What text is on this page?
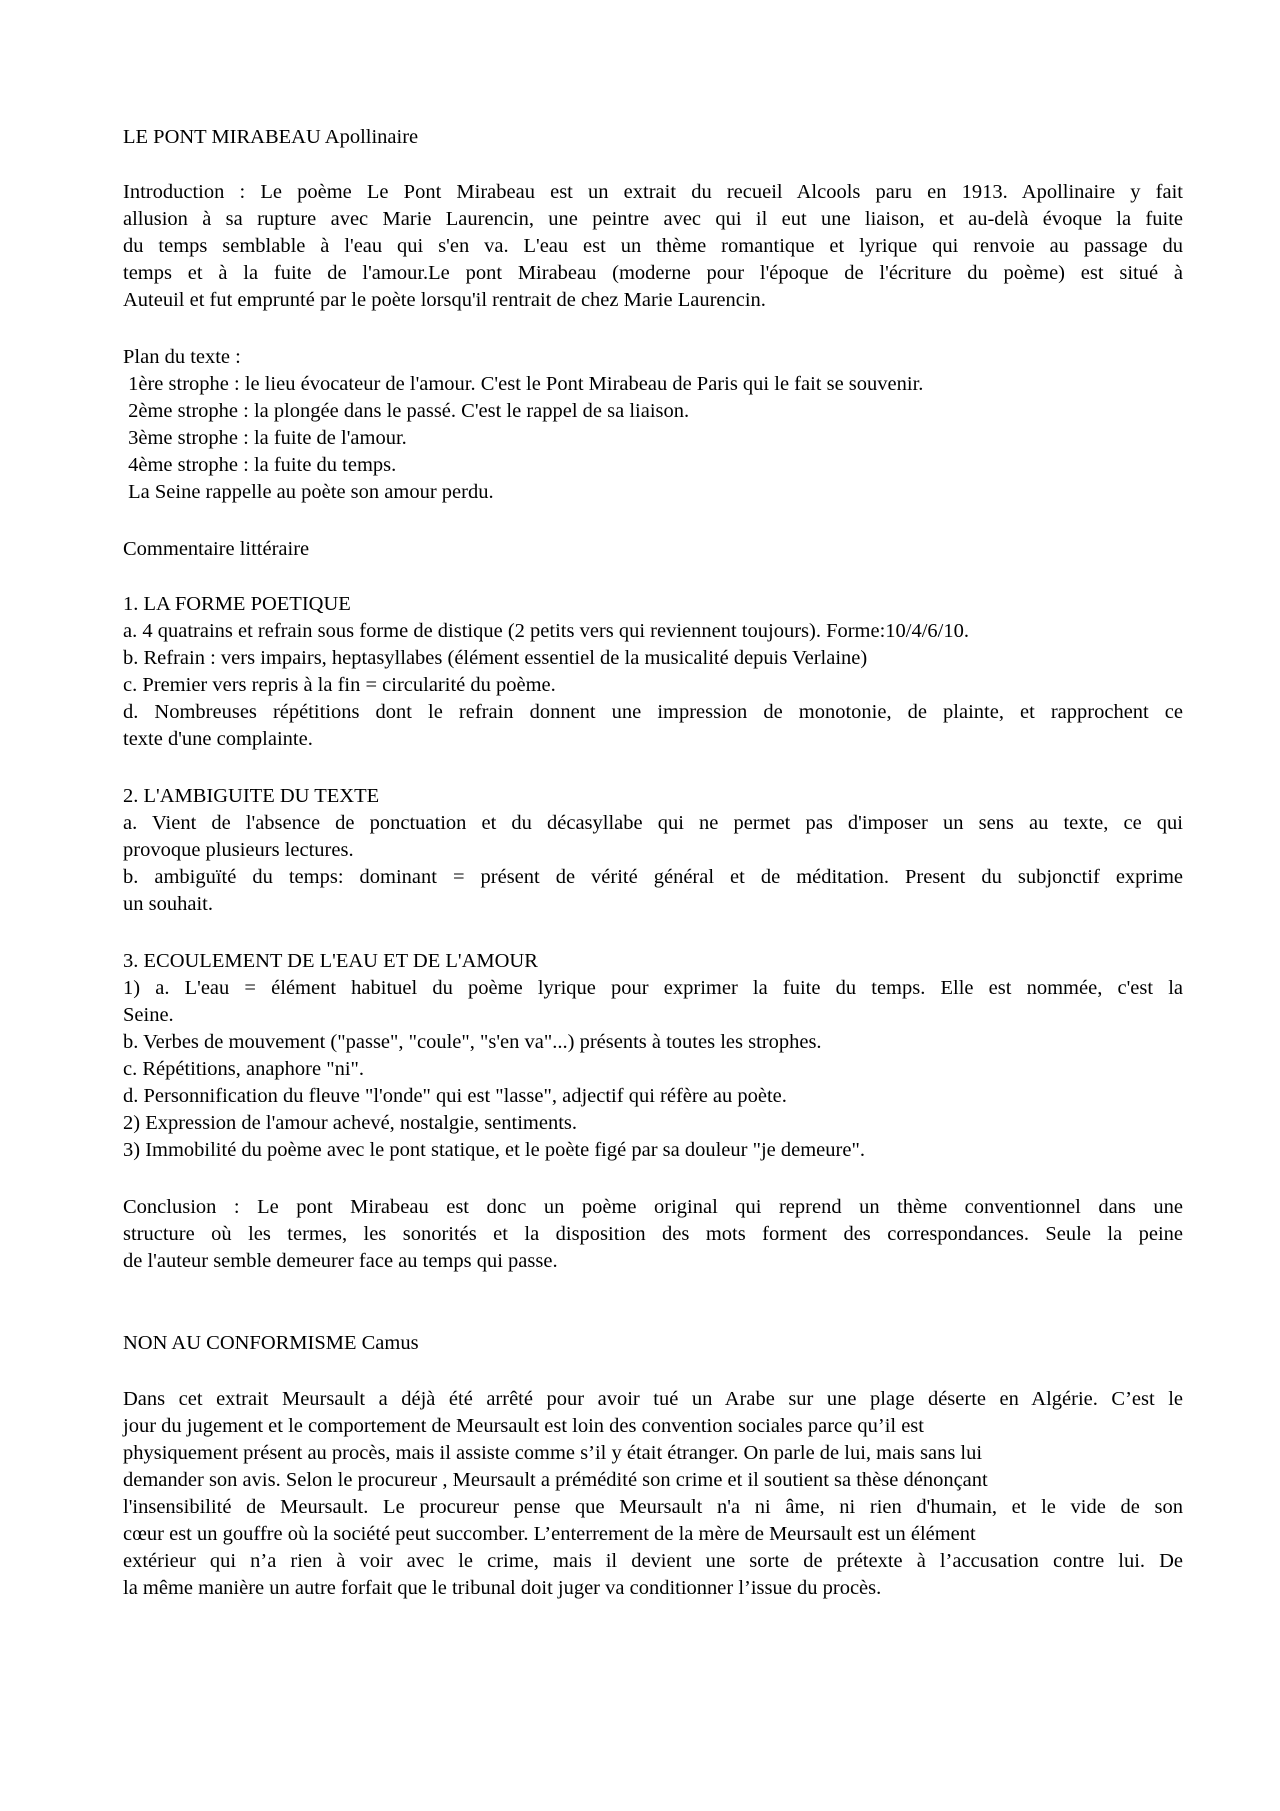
LE PONT MIRABEAU Apollinaire
Introduction : Le poème Le Pont Mirabeau est un extrait du recueil Alcools paru en 1913. Apollinaire y fait
allusion à sa rupture avec Marie Laurencin, une peintre avec qui il eut une liaison, et au-delà évoque la fuite
du temps semblable à l'eau qui s'en va. L'eau est un thème romantique et lyrique qui renvoie au passage du
temps et à la fuite de l'amour.Le pont Mirabeau (moderne pour l'époque de l'écriture du poème) est situé à
Auteuil et fut emprunté par le poète lorsqu'il rentrait de chez Marie Laurencin.
Plan du texte :
1ère strophe : le lieu évocateur de l'amour. C'est le Pont Mirabeau de Paris qui le fait se souvenir.
2ème strophe : la plongée dans le passé. C'est le rappel de sa liaison.
3ème strophe : la fuite de l'amour.
4ème strophe : la fuite du temps.
La Seine rappelle au poète son amour perdu.
Commentaire littéraire
1. LA FORME POETIQUE
a. 4 quatrains et refrain sous forme de distique (2 petits vers qui reviennent toujours). Forme:10/4/6/10.
b. Refrain : vers impairs, heptasyllabes (élément essentiel de la musicalité depuis Verlaine)
c. Premier vers repris à la fin = circularité du poème.
d. Nombreuses répétitions dont le refrain donnent une impression de monotonie, de plainte, et rapprochent ce
texte d'une complainte.
2. L'AMBIGUITE DU TEXTE
a. Vient de l'absence de ponctuation et du décasyllabe qui ne permet pas d'imposer un sens au texte, ce qui
provoque plusieurs lectures.
b. ambiguïté du temps: dominant = présent de vérité général et de méditation. Present du subjonctif exprime
un souhait.
3. ECOULEMENT DE L'EAU ET DE L'AMOUR
1) a. L'eau = élément habituel du poème lyrique pour exprimer la fuite du temps. Elle est nommée, c'est la
Seine.
b. Verbes de mouvement ("passe", "coule", "s'en va"...) présents à toutes les strophes.
c. Répétitions, anaphore "ni".
d. Personnification du fleuve "l'onde" qui est "lasse", adjectif qui réfère au poète.
2) Expression de l'amour achevé, nostalgie, sentiments.
3) Immobilité du poème avec le pont statique, et le poète figé par sa douleur "je demeure".
Conclusion : Le pont Mirabeau est donc un poème original qui reprend un thème conventionnel dans une
structure où les termes, les sonorités et la disposition des mots forment des correspondances. Seule la peine
de l'auteur semble demeurer face au temps qui passe.
NON AU CONFORMISME Camus
Dans cet extrait Meursault a déjà été arrêté pour avoir tué un Arabe sur une plage déserte en Algérie. C’est le
jour du jugement et le comportement de Meursault est loin des convention sociales parce qu’il est
physiquement présent au procès, mais il assiste comme s’il y était étranger. On parle de lui, mais sans lui
demander son avis. Selon le procureur , Meursault a prémédité son crime et il soutient sa thèse dénonçant
l'insensibilité de Meursault. Le procureur pense que Meursault n'a ni âme, ni rien d'humain, et le vide de son
cœur est un gouffre où la société peut succomber. L’enterrement de la mère de Meursault est un élément
extérieur qui n’a rien à voir avec le crime, mais il devient une sorte de prétexte à l’accusation contre lui. De
la même manière un autre forfait que le tribunal doit juger va conditionner l’issue du procès.
